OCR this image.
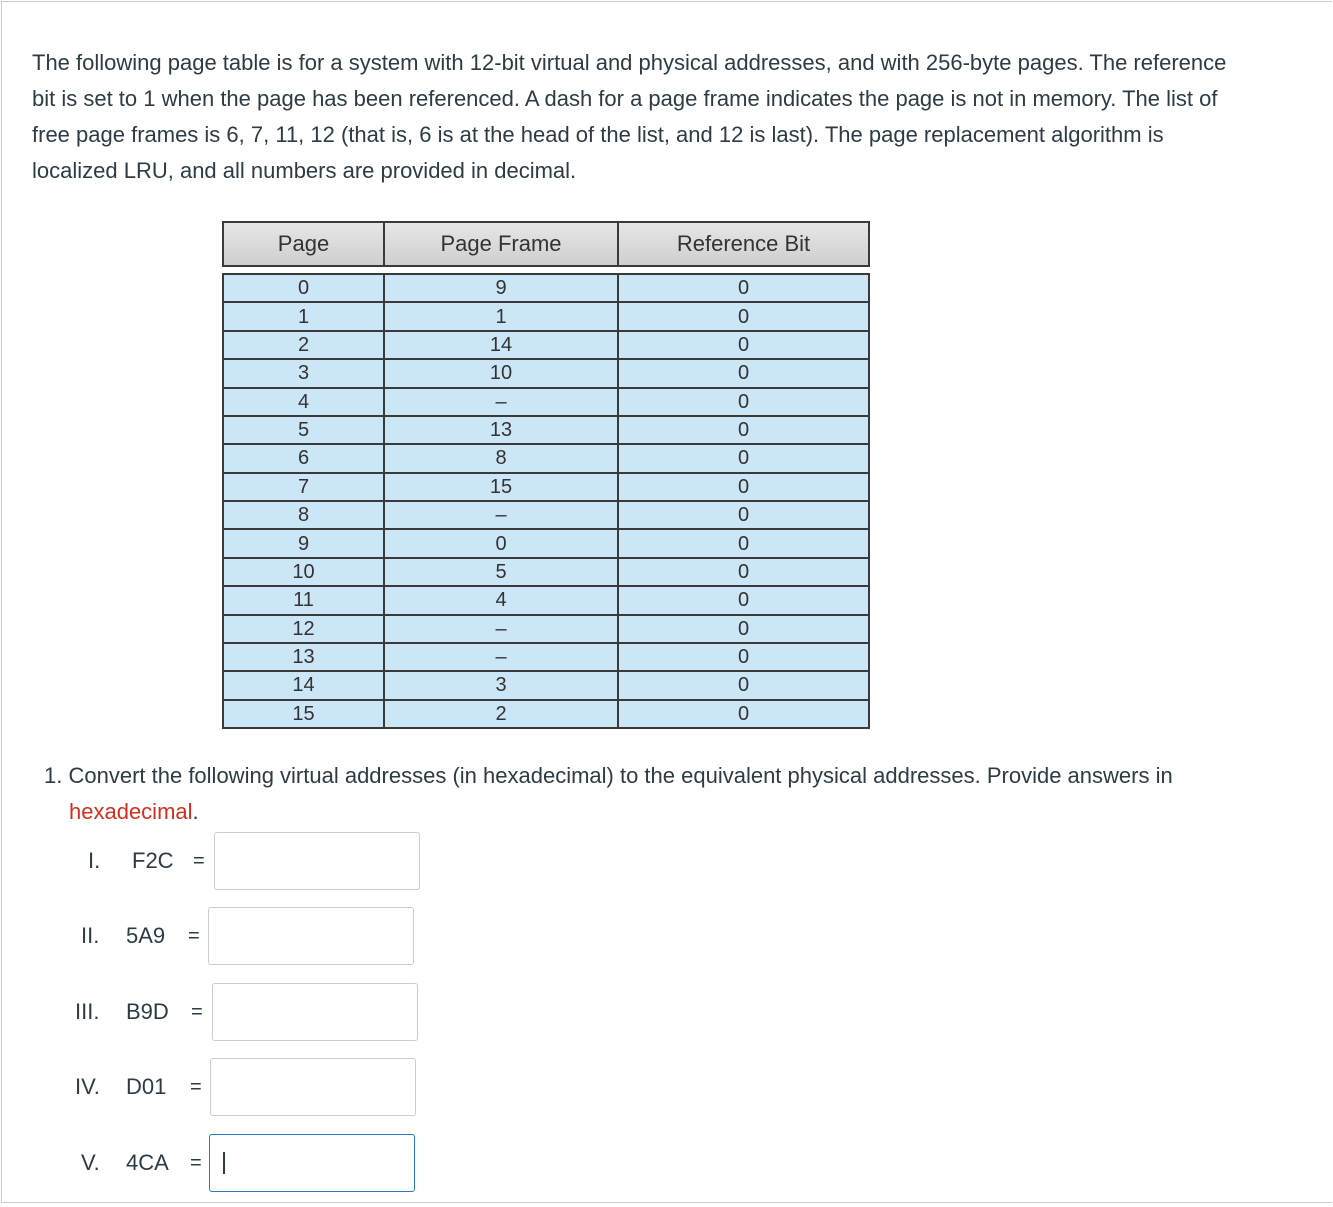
The following page table is for a system with 12-bit virtual and physical addresses, and with 256-byte pages. The reference bit is set to 1 when the page has been referenced. A dash for a page frame indicates the page is not in memory. The list of free page frames is 6, 7, 11, 12 (that is, 6 is at the head of the list, and 12 is last). The page replacement algorithm is localized LRU, and all numbers are provided in decimal.

Page	Page Frame	Reference Bit
0	9	0
1	1	0
2	14	0
3	10	0
4	–	0
5	13	0
6	8	0
7	15	0
8	–	0
9	0	0
10	5	0
11	4	0
12	–	0
13	–	0
14	3	0
15	2	0

1. Convert the following virtual addresses (in hexadecimal) to the equivalent physical addresses. Provide answers in
hexadecimal.

I. F2C =
II. 5A9 =
III. B9D =
IV. D01 =
V. 4CA =
